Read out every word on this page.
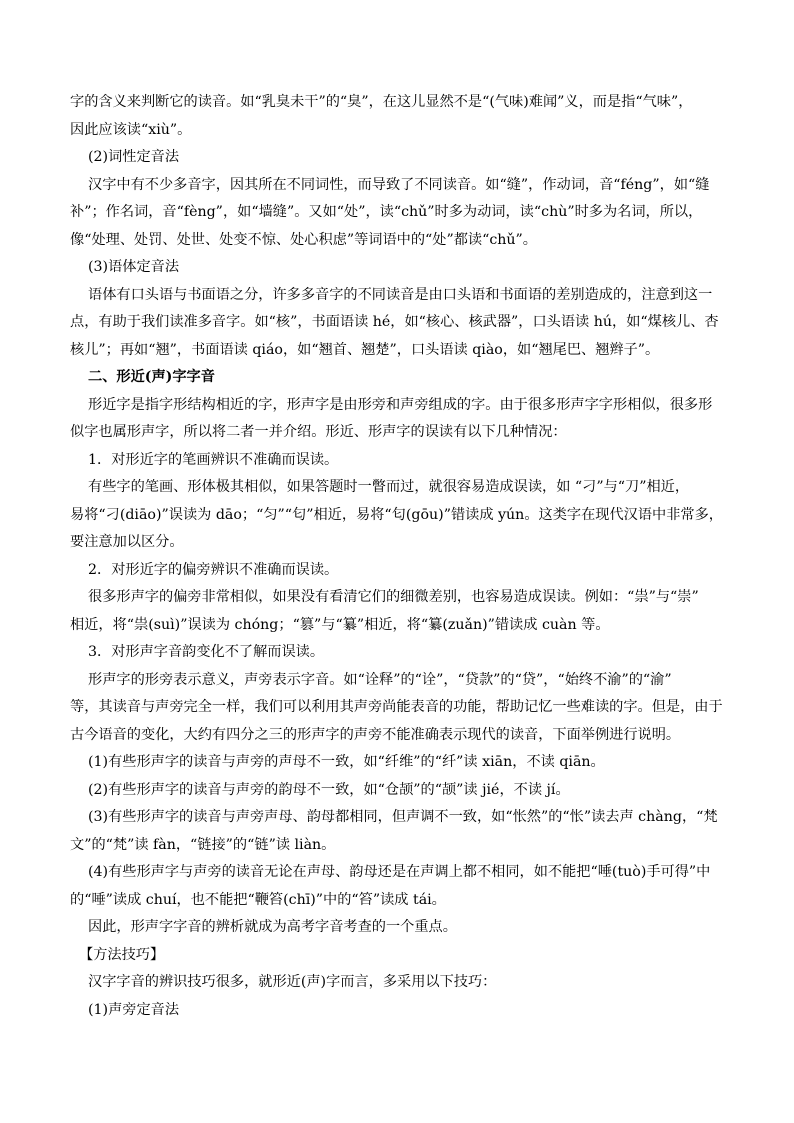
字的含义来判断它的读音。如“乳臭未干”的“臭”，在这儿显然不是“(气味)难闻”义，而是指“气味”，
因此应该读“xiù”。
(2)词性定音法
汉字中有不少多音字，因其所在不同词性，而导致了不同读音。如“缝”，作动词，音“féng”，如“缝
补”；作名词，音“fèng”，如“墙缝”。又如“处”，读“chǔ”时多为动词，读“chù”时多为名词，所以，
像“处理、处罚、处世、处变不惊、处心积虑”等词语中的“处”都读“chǔ”。
(3)语体定音法
语体有口头语与书面语之分，许多多音字的不同读音是由口头语和书面语的差别造成的，注意到这一
点，有助于我们读准多音字。如“核”，书面语读 hé，如“核心、核武器”，口头语读 hú，如“煤核儿、杏
核儿”；再如“翘”，书面语读 qiáo，如“翘首、翘楚”，口头语读 qiào，如“翘尾巴、翘辫子”。
二、形近(声)字字音
形近字是指字形结构相近的字，形声字是由形旁和声旁组成的字。由于很多形声字字形相似，很多形
似字也属形声字，所以将二者一并介绍。形近、形声字的误读有以下几种情况：
1．对形近字的笔画辨识不准确而误读。
有些字的笔画、形体极其相似，如果答题时一瞥而过，就很容易造成误读，如 “刁”与“刀”相近，
易将“刁(diāo)”误读为 dāo；“匀”“匂”相近，易将“匂(gōu)”错读成 yún。这类字在现代汉语中非常多，
要注意加以区分。
2．对形近字的偏旁辨识不准确而误读。
很多形声字的偏旁非常相似，如果没有看清它们的细微差别，也容易造成误读。例如：“祟”与“崇”
相近，将“祟(suì)”误读为 chóng；“篡”与“纂”相近，将“纂(zuǎn)”错读成 cuàn 等。
3．对形声字音韵变化不了解而误读。
形声字的形旁表示意义，声旁表示字音。如“诠释”的“诠”，“贷款”的“贷”，“始终不渝”的“渝”
等，其读音与声旁完全一样，我们可以利用其声旁尚能表音的功能，帮助记忆一些难读的字。但是，由于
古今语音的变化，大约有四分之三的形声字的声旁不能准确表示现代的读音，下面举例进行说明。
(1)有些形声字的读音与声旁的声母不一致，如“纤维”的“纤”读 xiān，不读 qiān。
(2)有些形声字的读音与声旁的韵母不一致，如“仓颉”的“颉”读 jié，不读 jí。
(3)有些形声字的读音与声旁声母、韵母都相同，但声调不一致，如“怅然”的“怅”读去声 chàng，“梵
文”的“梵”读 fàn，“链接”的“链”读 liàn。
(4)有些形声字与声旁的读音无论在声母、韵母还是在声调上都不相同，如不能把“唾(tuò)手可得”中
的“唾”读成 chuí，也不能把“鞭笞(chī)”中的“笞”读成 tái。
因此，形声字字音的辨析就成为高考字音考查的一个重点。
【方法技巧】
汉字字音的辨识技巧很多，就形近(声)字而言，多采用以下技巧：
(1)声旁定音法
